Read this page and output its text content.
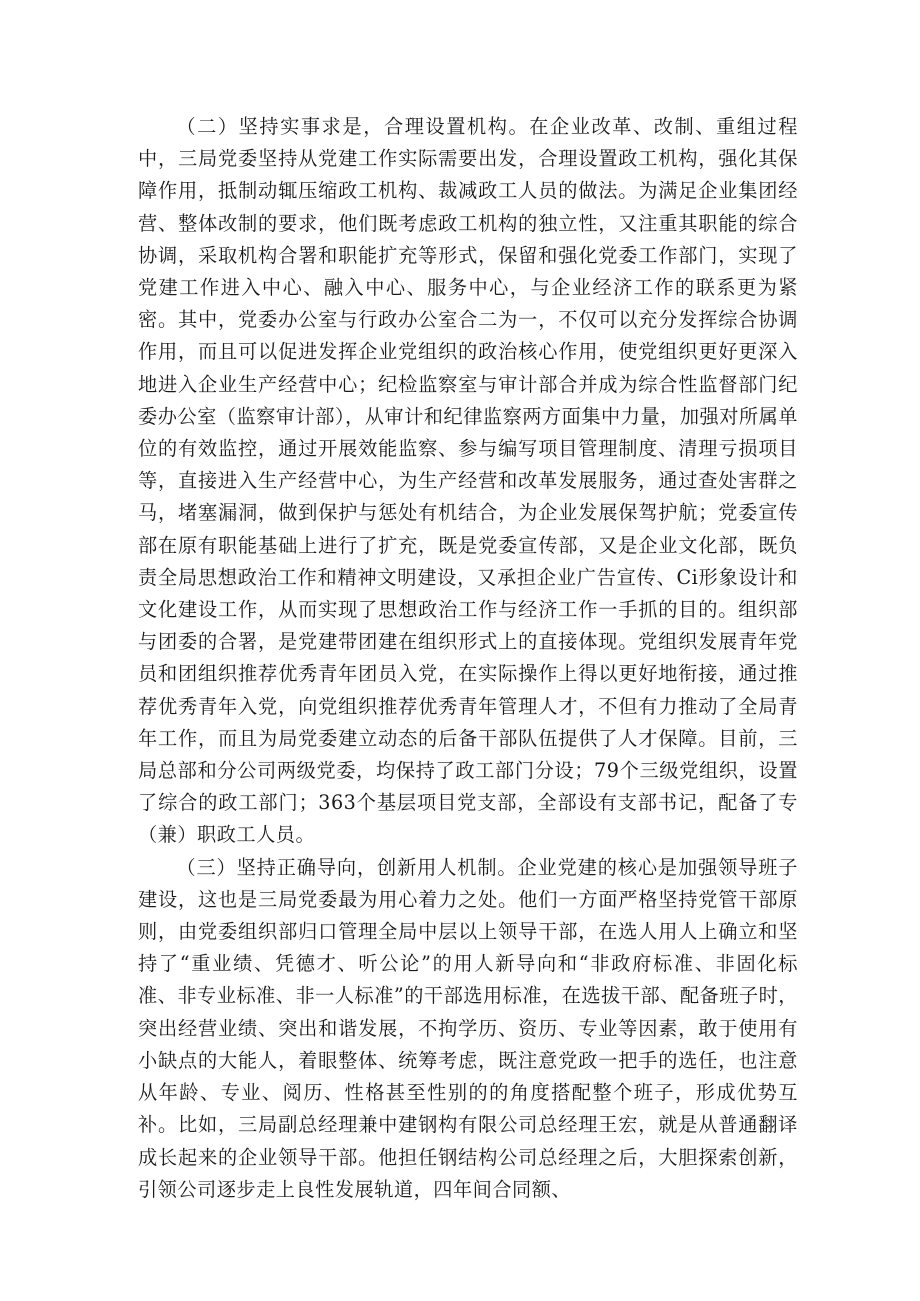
（二）坚持实事求是，合理设置机构。在企业改革、改制、重组过程中，三局党委坚持从党建工作实际需要出发，合理设置政工机构，强化其保障作用，抵制动辄压缩政工机构、裁减政工人员的做法。为满足企业集团经营、整体改制的要求，他们既考虑政工机构的独立性，又注重其职能的综合协调，采取机构合署和职能扩充等形式，保留和强化党委工作部门，实现了党建工作进入中心、融入中心、服务中心，与企业经济工作的联系更为紧密。其中，党委办公室与行政办公室合二为一，不仅可以充分发挥综合协调作用，而且可以促进发挥企业党组织的政治核心作用，使党组织更好更深入地进入企业生产经营中心；纪检监察室与审计部合并成为综合性监督部门纪委办公室（监察审计部），从审计和纪律监察两方面集中力量，加强对所属单位的有效监控，通过开展效能监察、参与编写项目管理制度、清理亏损项目等，直接进入生产经营中心，为生产经营和改革发展服务，通过查处害群之马，堵塞漏洞，做到保护与惩处有机结合，为企业发展保驾护航；党委宣传部在原有职能基础上进行了扩充，既是党委宣传部，又是企业文化部，既负责全局思想政治工作和精神文明建设，又承担企业广告宣传、Ci形象设计和文化建设工作，从而实现了思想政治工作与经济工作一手抓的目的。组织部与团委的合署，是党建带团建在组织形式上的直接体现。党组织发展青年党员和团组织推荐优秀青年团员入党，在实际操作上得以更好地衔接，通过推荐优秀青年入党，向党组织推荐优秀青年管理人才，不但有力推动了全局青年工作，而且为局党委建立动态的后备干部队伍提供了人才保障。目前，三局总部和分公司两级党委，均保持了政工部门分设；79个三级党组织，设置了综合的政工部门；363个基层项目党支部，全部设有支部书记，配备了专（兼）职政工人员。

（三）坚持正确导向，创新用人机制。企业党建的核心是加强领导班子建设，这也是三局党委最为用心着力之处。他们一方面严格坚持党管干部原则，由党委组织部归口管理全局中层以上领导干部，在选人用人上确立和坚持了“重业绩、凭德才、听公论”的用人新导向和“非政府标准、非固化标准、非专业标准、非一人标准”的干部选用标准，在选拔干部、配备班子时，突出经营业绩、突出和谐发展，不拘学历、资历、专业等因素，敢于使用有小缺点的大能人，着眼整体、统筹考虑，既注意党政一把手的选任，也注意从年龄、专业、阅历、性格甚至性别的的角度搭配整个班子，形成优势互补。比如，三局副总经理兼中建钢构有限公司总经理王宏，就是从普通翻译成长起来的企业领导干部。他担任钢结构公司总经理之后，大胆探索创新，引领公司逐步走上良性发展轨道，四年间合同额、
